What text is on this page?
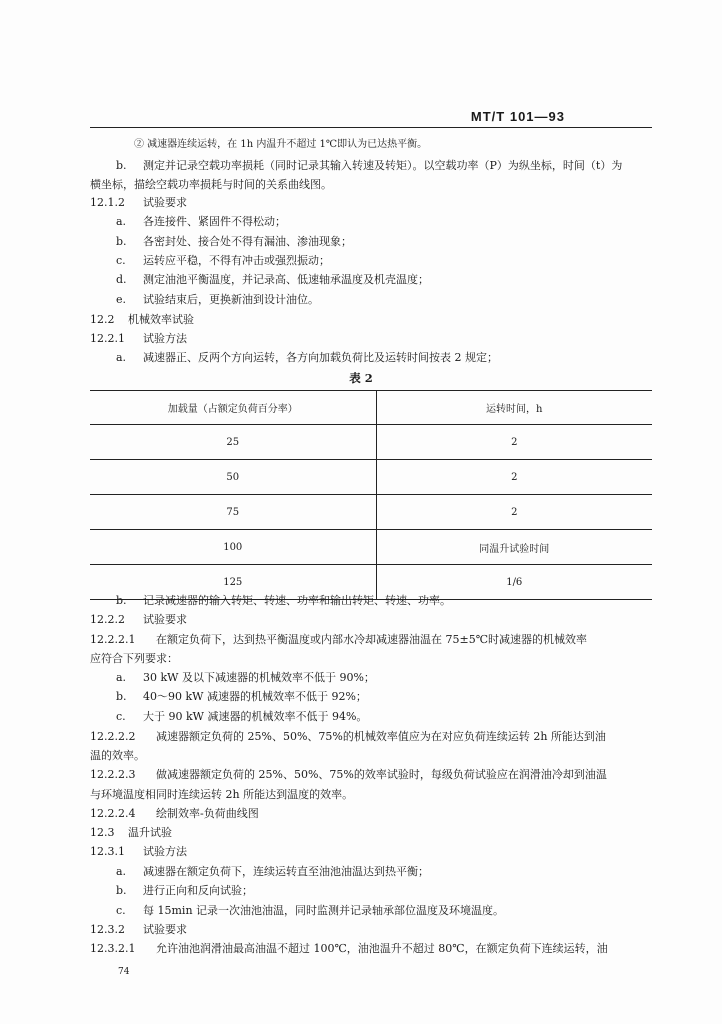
MT/T 101—93
② 减速器连续运转，在 1h 内温升不超过 1℃即认为已达热平衡。
b. 测定并记录空载功率损耗（同时记录其输入转速及转矩）。以空载功率（P）为纵坐标，时间（t）为
横坐标，描绘空载功率损耗与时间的关系曲线图。
12.1.2 试验要求
a. 各连接件、紧固件不得松动；
b. 各密封处、接合处不得有漏油、渗油现象；
c. 运转应平稳，不得有冲击或强烈振动；
d. 测定油池平衡温度，并记录高、低速轴承温度及机壳温度；
e. 试验结束后，更换新油到设计油位。
12.2 机械效率试验
12.2.1 试验方法
a. 减速器正、反两个方向运转，各方向加载负荷比及运转时间按表 2 规定；
表 2
加载量（占额定负荷百分率）	运转时间，h
25	2
50	2
75	2
100	同温升试验时间
125	1/6
b. 记录减速器的输入转矩、转速、功率和输出转矩、转速、功率。
12.2.2 试验要求
12.2.2.1 在额定负荷下，达到热平衡温度或内部水冷却减速器油温在 75±5℃时减速器的机械效率
应符合下列要求：
a. 30 kW 及以下减速器的机械效率不低于 90%；
b. 40～90 kW 减速器的机械效率不低于 92%；
c. 大于 90 kW 减速器的机械效率不低于 94%。
12.2.2.2 减速器额定负荷的 25%、50%、75%的机械效率值应为在对应负荷连续运转 2h 所能达到油
温的效率。
12.2.2.3 做减速器额定负荷的 25%、50%、75%的效率试验时，每级负荷试验应在润滑油冷却到油温
与环境温度相同时连续运转 2h 所能达到温度的效率。
12.2.2.4 绘制效率-负荷曲线图
12.3 温升试验
12.3.1 试验方法
a. 减速器在额定负荷下，连续运转直至油池油温达到热平衡；
b. 进行正向和反向试验；
c. 每 15min 记录一次油池油温，同时监测并记录轴承部位温度及环境温度。
12.3.2 试验要求
12.3.2.1 允许油池润滑油最高油温不超过 100℃，油池温升不超过 80℃，在额定负荷下连续运转，油
74
